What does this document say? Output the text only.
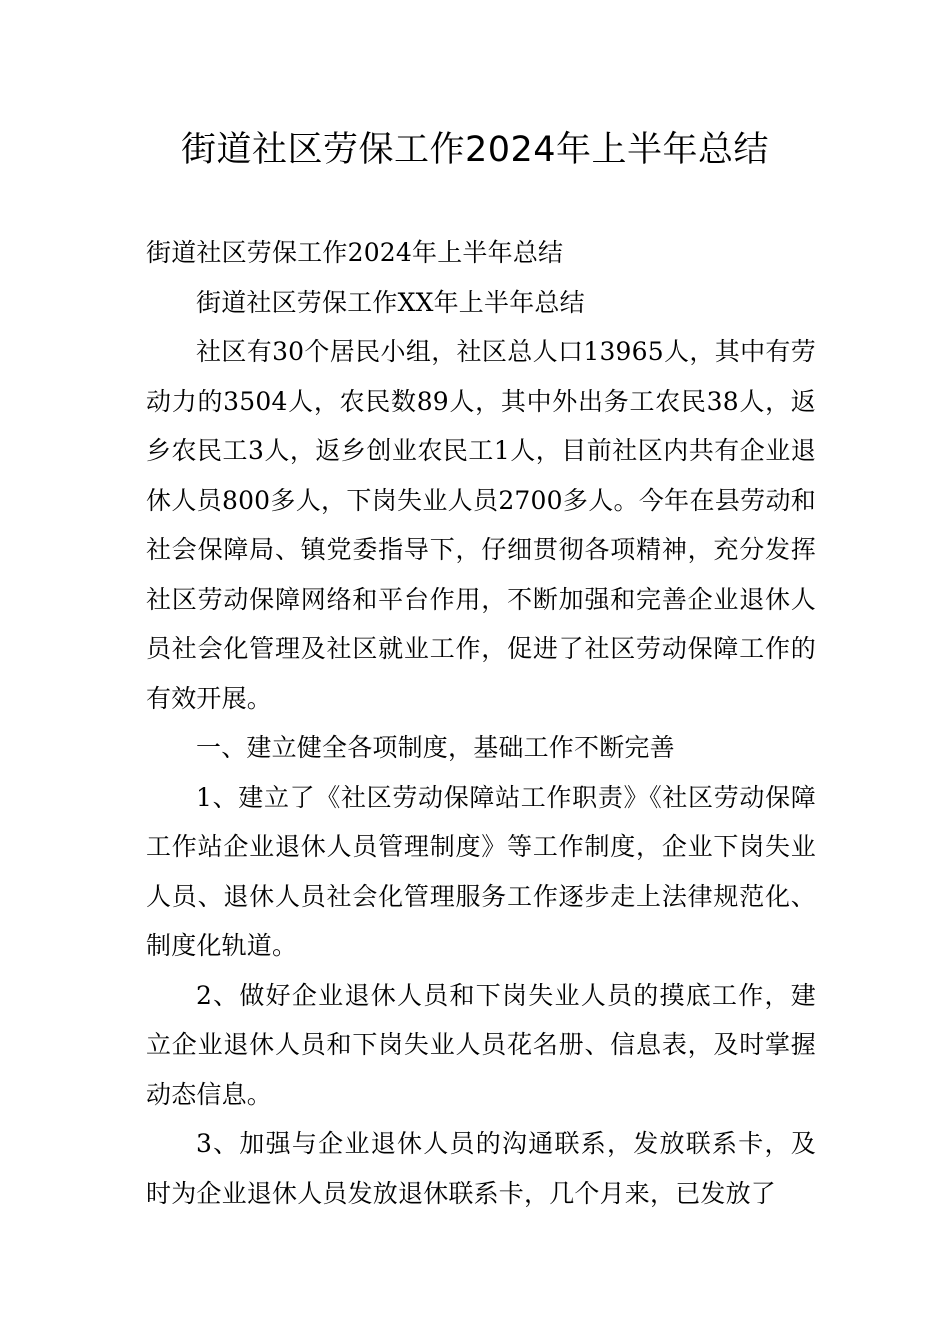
街道社区劳保工作2024年上半年总结

街道社区劳保工作2024年上半年总结

街道社区劳保工作XX年上半年总结

社区有30个居民小组，社区总人口13965人，其中有劳动力的3504人，农民数89人，其中外出务工农民38人，返乡农民工3人，返乡创业农民工1人，目前社区内共有企业退休人员800多人，下岗失业人员2700多人。今年在县劳动和社会保障局、镇党委指导下，仔细贯彻各项精神，充分发挥社区劳动保障网络和平台作用，不断加强和完善企业退休人员社会化管理及社区就业工作，促进了社区劳动保障工作的有效开展。

一、建立健全各项制度，基础工作不断完善

1、建立了《社区劳动保障站工作职责》《社区劳动保障工作站企业退休人员管理制度》等工作制度，企业下岗失业人员、退休人员社会化管理服务工作逐步走上法律规范化、制度化轨道。

2、做好企业退休人员和下岗失业人员的摸底工作，建立企业退休人员和下岗失业人员花名册、信息表，及时掌握动态信息。

3、加强与企业退休人员的沟通联系，发放联系卡，及时为企业退休人员发放退休联系卡，几个月来，已发放了
